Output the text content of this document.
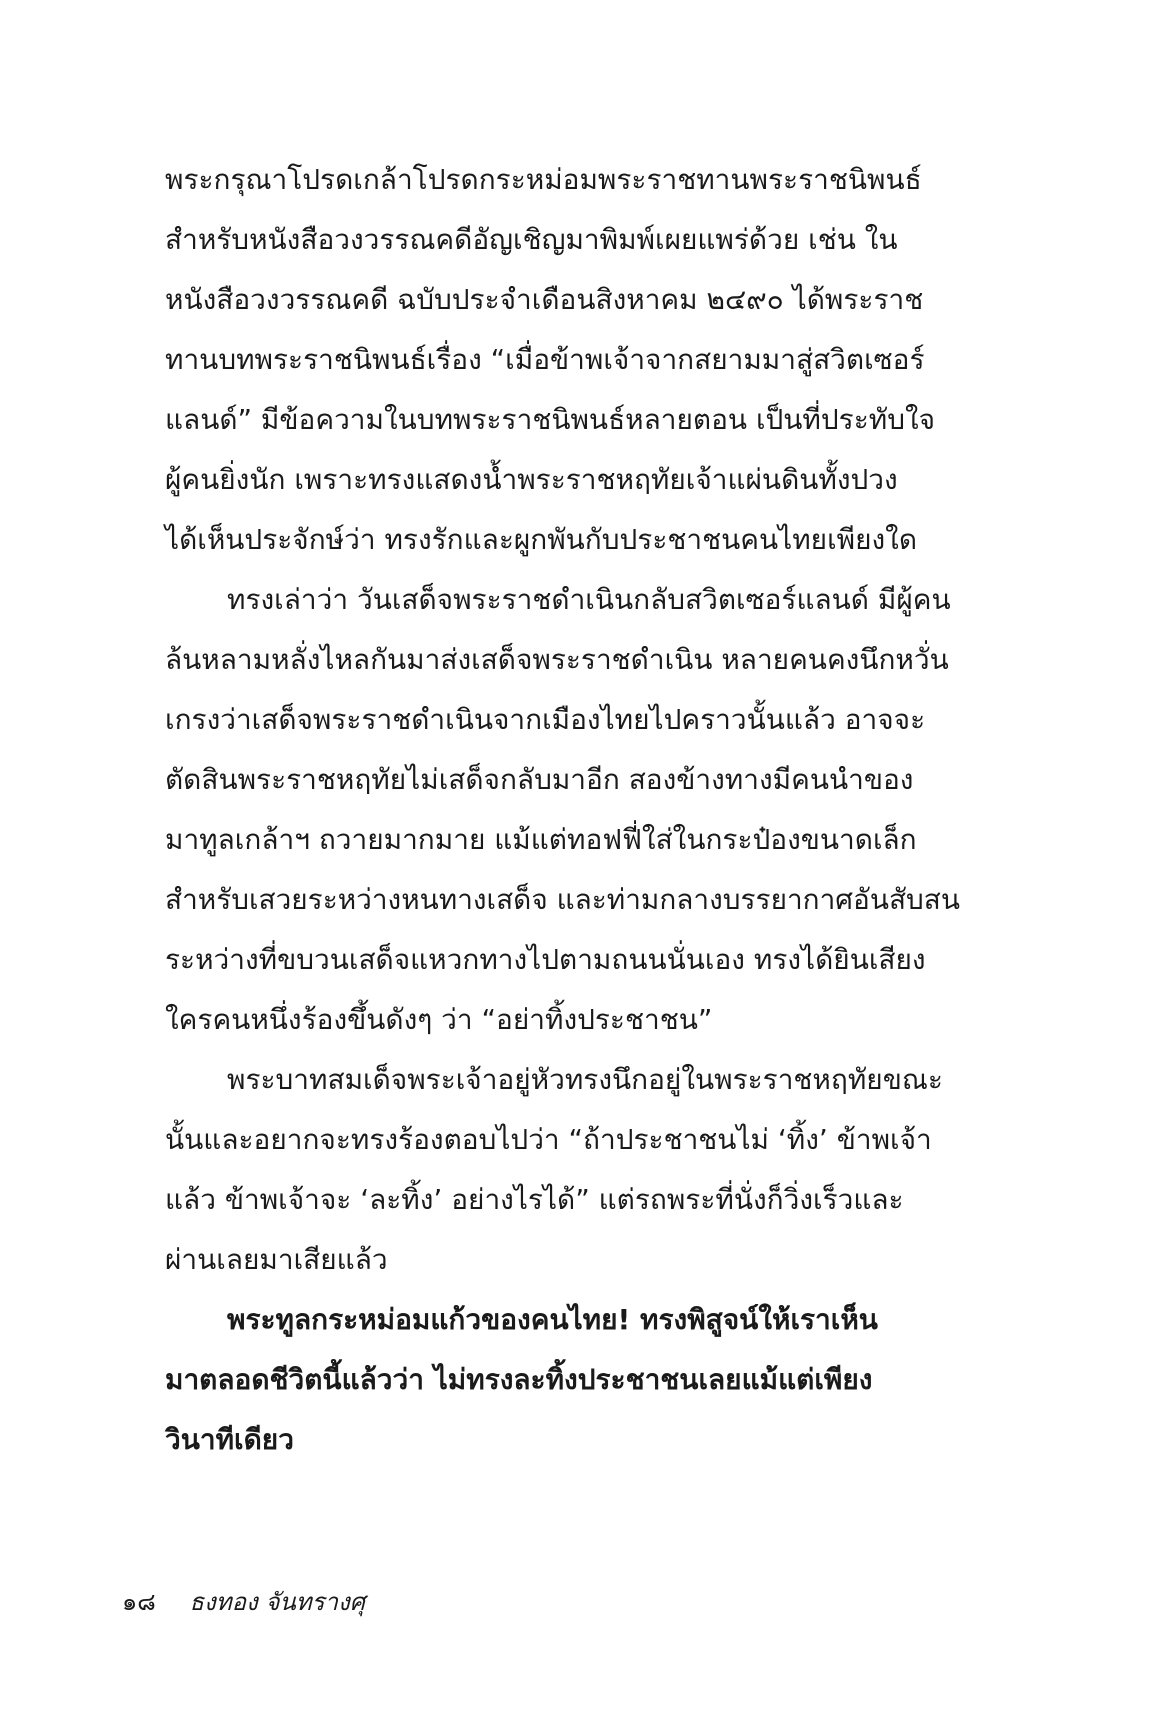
พระกรุณาโปรดเกล้าโปรดกระหม่อมพระราชทานพระราชนิพนธ์
สำหรับหนังสือวงวรรณคดีอัญเชิญมาพิมพ์เผยแพร่ด้วย เช่น ใน
หนังสือวงวรรณคดี ฉบับประจำเดือนสิงหาคม ๒๔๙๐ ได้พระราช
ทานบทพระราชนิพนธ์เรื่อง “เมื่อข้าพเจ้าจากสยามมาสู่สวิตเซอร์
แลนด์” มีข้อความในบทพระราชนิพนธ์หลายตอน เป็นที่ประทับใจ
ผู้คนยิ่งนัก เพราะทรงแสดงน้ำพระราชหฤทัยเจ้าแผ่นดินทั้งปวง
ได้เห็นประจักษ์ว่า ทรงรักและผูกพันกับประชาชนคนไทยเพียงใด
ทรงเล่าว่า วันเสด็จพระราชดำเนินกลับสวิตเซอร์แลนด์ มีผู้คน
ล้นหลามหลั่งไหลกันมาส่งเสด็จพระราชดำเนิน หลายคนคงนึกหวั่น
เกรงว่าเสด็จพระราชดำเนินจากเมืองไทยไปคราวนั้นแล้ว อาจจะ
ตัดสินพระราชหฤทัยไม่เสด็จกลับมาอีก สองข้างทางมีคนนำของ
มาทูลเกล้าฯ ถวายมากมาย แม้แต่ทอฟฟี่ใส่ในกระป๋องขนาดเล็ก
สำหรับเสวยระหว่างหนทางเสด็จ และท่ามกลางบรรยากาศอันสับสน
ระหว่างที่ขบวนเสด็จแหวกทางไปตามถนนนั่นเอง ทรงได้ยินเสียง
ใครคนหนึ่งร้องขึ้นดังๆ ว่า “อย่าทิ้งประชาชน”
พระบาทสมเด็จพระเจ้าอยู่หัวทรงนึกอยู่ในพระราชหฤทัยขณะ
นั้นและอยากจะทรงร้องตอบไปว่า “ถ้าประชาชนไม่ ‘ทิ้ง’ ข้าพเจ้า
แล้ว ข้าพเจ้าจะ ‘ละทิ้ง’ อย่างไรได้” แต่รถพระที่นั่งก็วิ่งเร็วและ
ผ่านเลยมาเสียแล้ว
พระทูลกระหม่อมแก้วของคนไทย! ทรงพิสูจน์ให้เราเห็น
มาตลอดชีวิตนี้แล้วว่า ไม่ทรงละทิ้งประชาชนเลยแม้แต่เพียง
วินาทีเดียว
๑๘ ธงทอง จันทรางศุ
